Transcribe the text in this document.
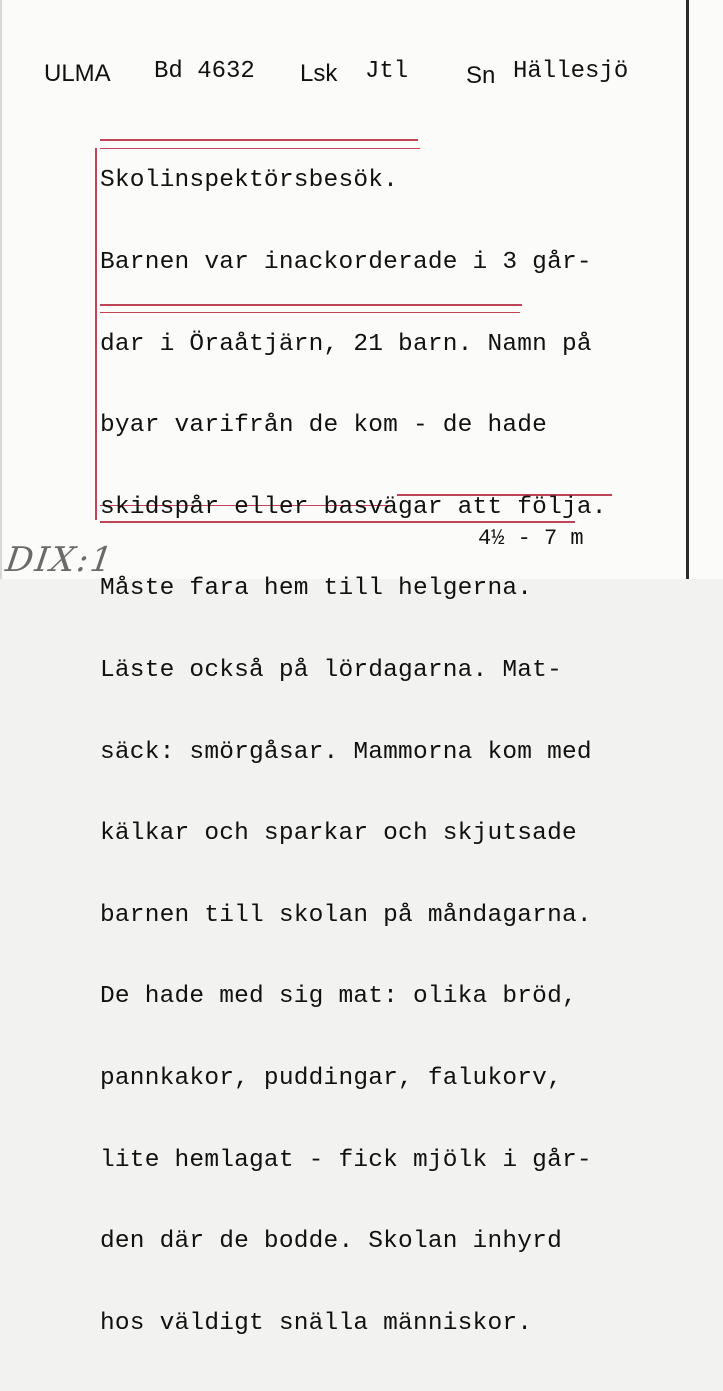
ULMA Bd 4632 Lsk Jtl Sn Hällesjö

Skolinspektörsbesök.

Barnen var inackorderade i 3 går-

dar i Öraåtjärn, 21 barn. Namn på

byar varifrån de kom - de hade

skidspår eller basvägar att följa.

Måste fara hem till helgerna.

Läste också på lördagarna. Mat-

säck: smörgåsar. Mammorna kom med

kälkar och sparkar och skjutsade

barnen till skolan på måndagarna.

De hade med sig mat: olika bröd,

pannkakor, puddingar, falukorv,

lite hemlagat - fick mjölk i går-

den där de bodde. Skolan inhyrd

hos väldigt snälla människor.

4½ - 7 m
DIX:1
